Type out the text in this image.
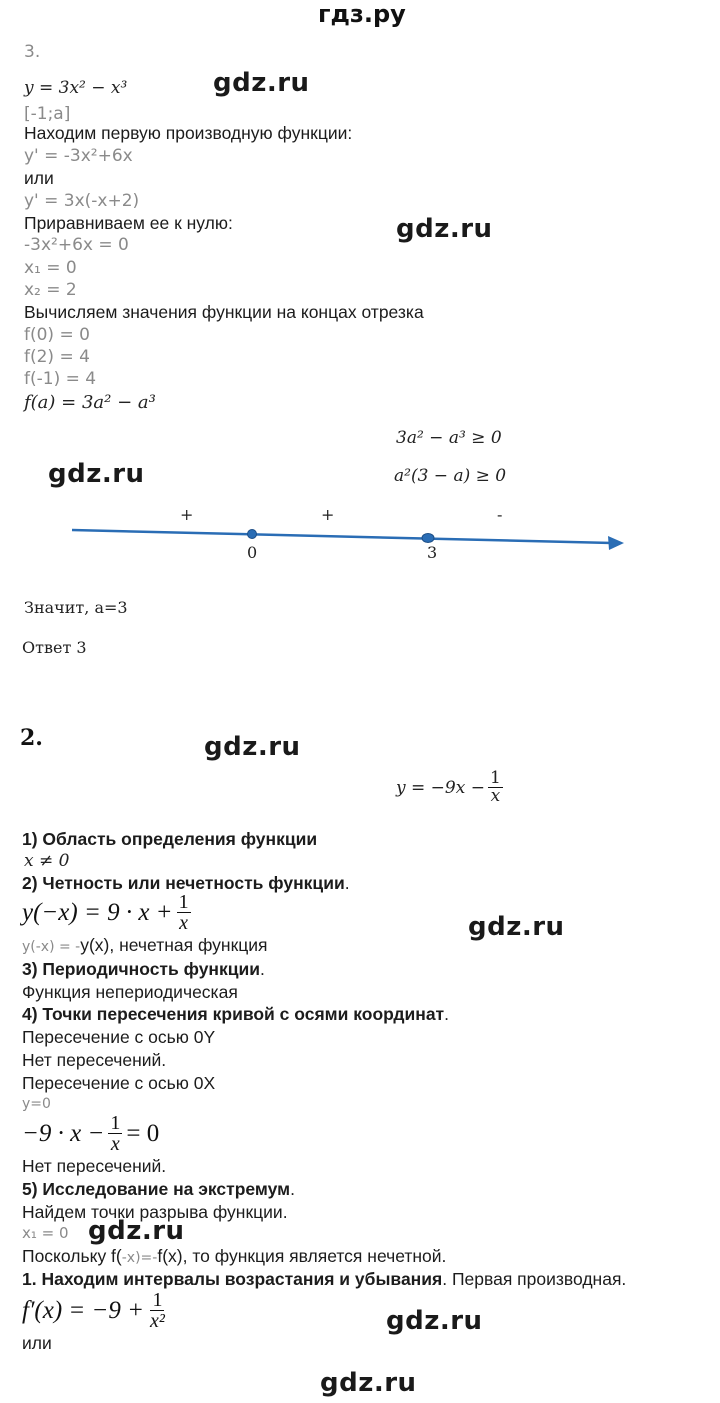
гдз.ру
3.
y = 3x² − x³	gdz.ru
[-1;a]
Находим первую производную функции:
y' = -3x²+6x
или
y' = 3x(-x+2)
Приравниваем ее к нулю:	gdz.ru
-3x²+6x = 0
x₁ = 0
x₂ = 2
Вычисляем значения функции на концах отрезка
f(0) = 0
f(2) = 4
f(-1) = 4
f(a) = 3a² − a³
3a² − a³ ≥ 0
a²(3 − a) ≥ 0
gdz.ru
+	+	-
0	3
Значит, a=3
Ответ 3
2.	gdz.ru
$y = -9x - \frac{1}{x}$
1) Область определения функции
x ≠ 0
2) Четность или нечетность функции.
$y(-x) = 9 \cdot x + \frac{1}{x}$	gdz.ru
y(-x) = -y(x), нечетная функция
3) Периодичность функции.
Функция непериодическая
4) Точки пересечения кривой с осями координат.
Пересечение с осью 0Y
Нет пересечений.
Пересечение с осью 0X
y=0
$-9 \cdot x - \frac{1}{x} = 0$
Нет пересечений.
5) Исследование на экстремум.
Найдем точки разрыва функции.
x₁ = 0 gdz.ru
Поскольку f(-x)=-f(x), то функция является нечетной.
1. Находим интервалы возрастания и убывания. Первая производная.
$f'(x) = -9 + \frac{1}{\text{x²}}$	gdz.ru
или
gdz.ru
